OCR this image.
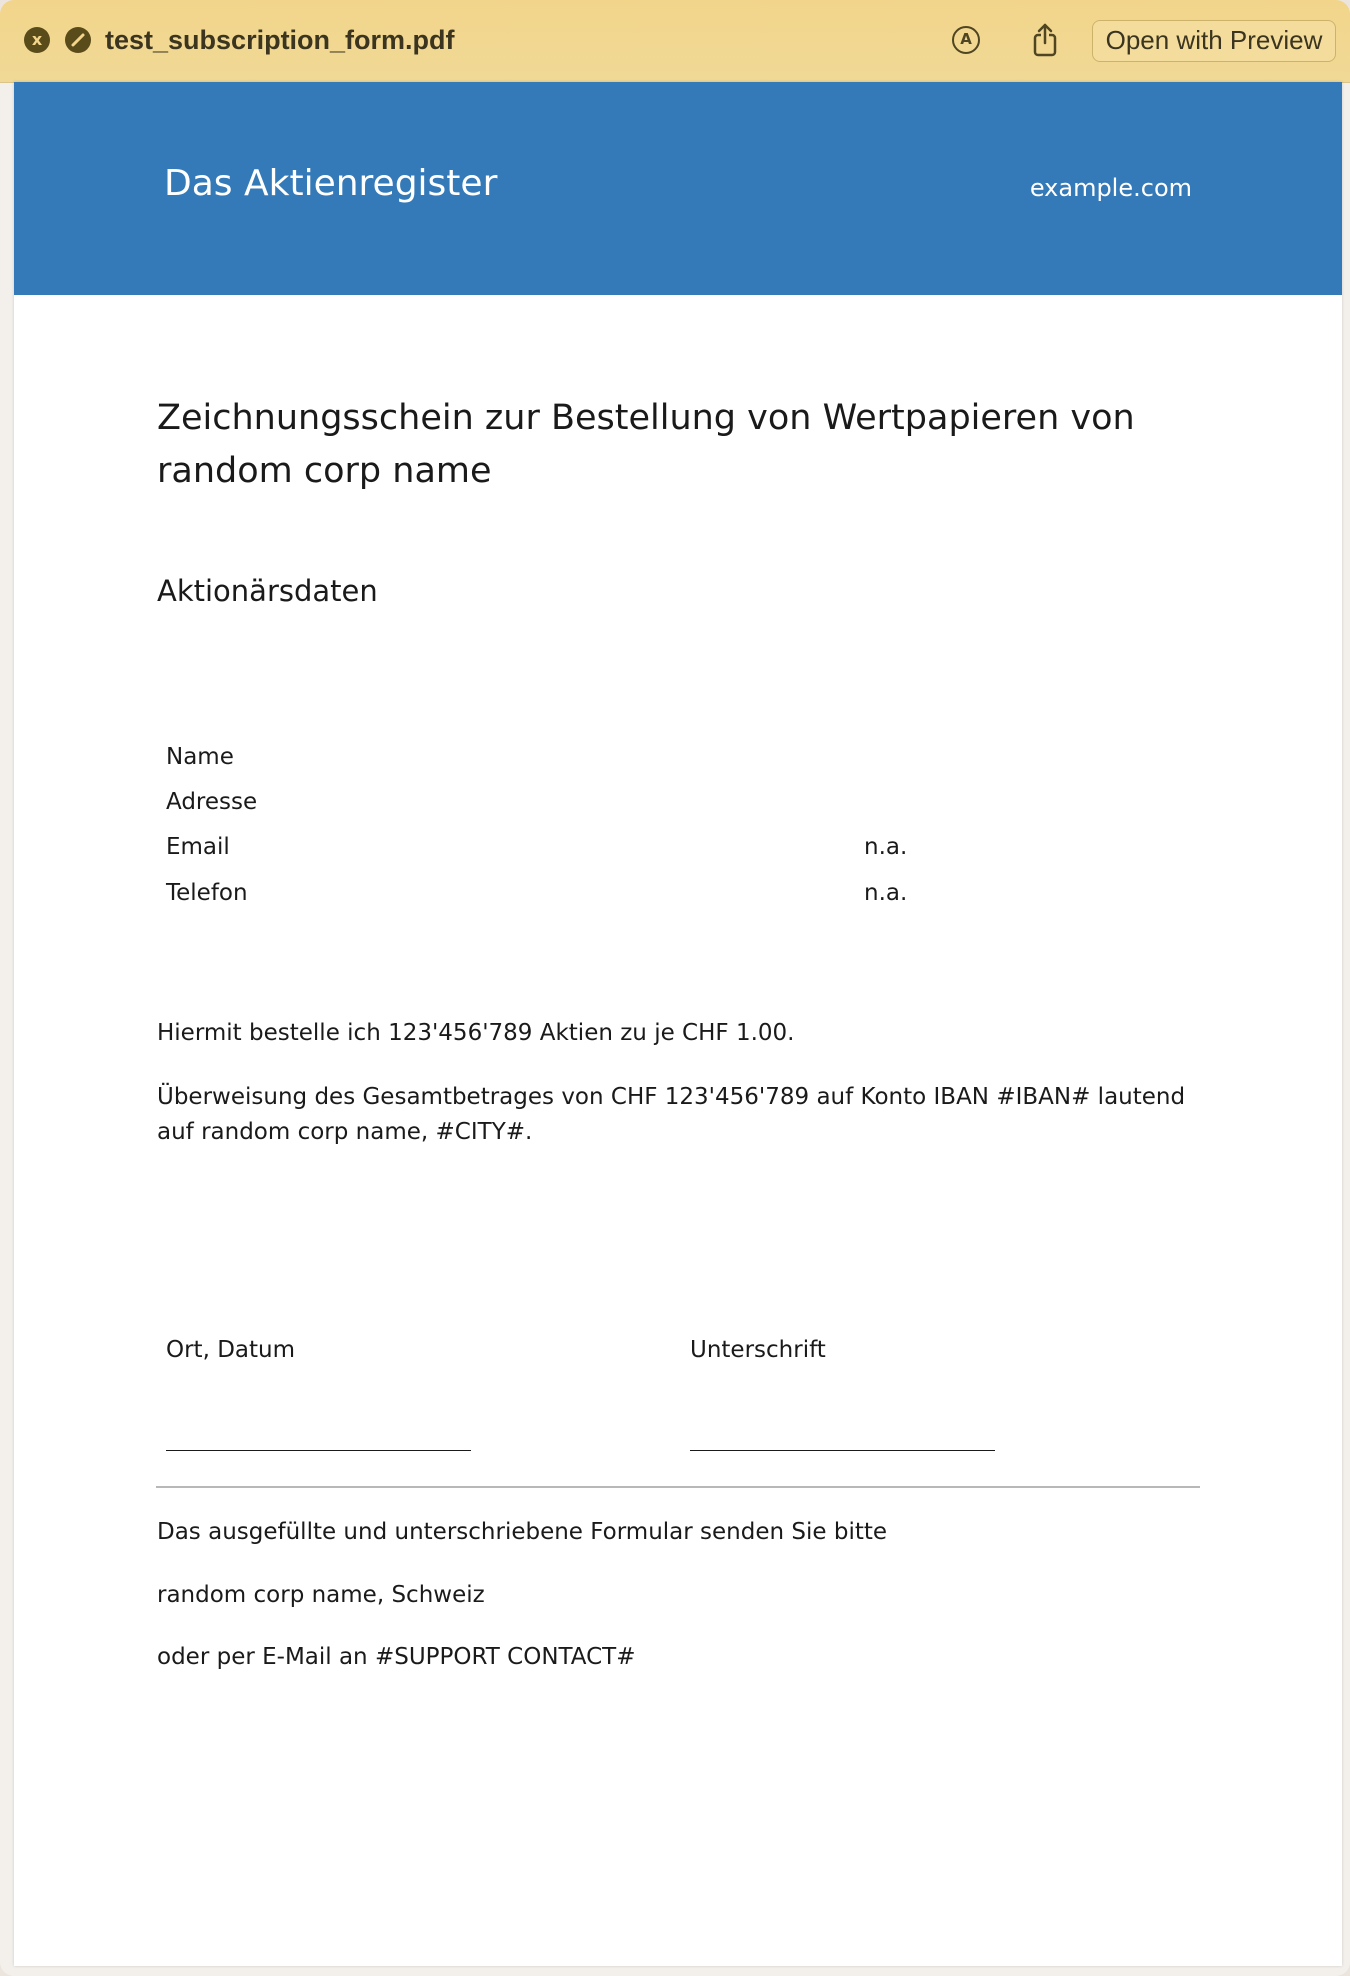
x test_subscription_form.pdf	A	Open with Preview
Das Aktienregister	example.com
Zeichnungsschein zur Bestellung von Wertpapieren von random corp name
Aktionärsdaten
Name
Adresse
Email	n.a.
Telefon	n.a.
Hiermit bestelle ich 123'456'789 Aktien zu je CHF 1.00.
Überweisung des Gesamtbetrages von CHF 123'456'789 auf Konto IBAN #IBAN# lautend auf random corp name, #CITY#.
Ort, Datum	Unterschrift
Das ausgefüllte und unterschriebene Formular senden Sie bitte
random corp name, Schweiz
oder per E-Mail an #SUPPORT CONTACT#
